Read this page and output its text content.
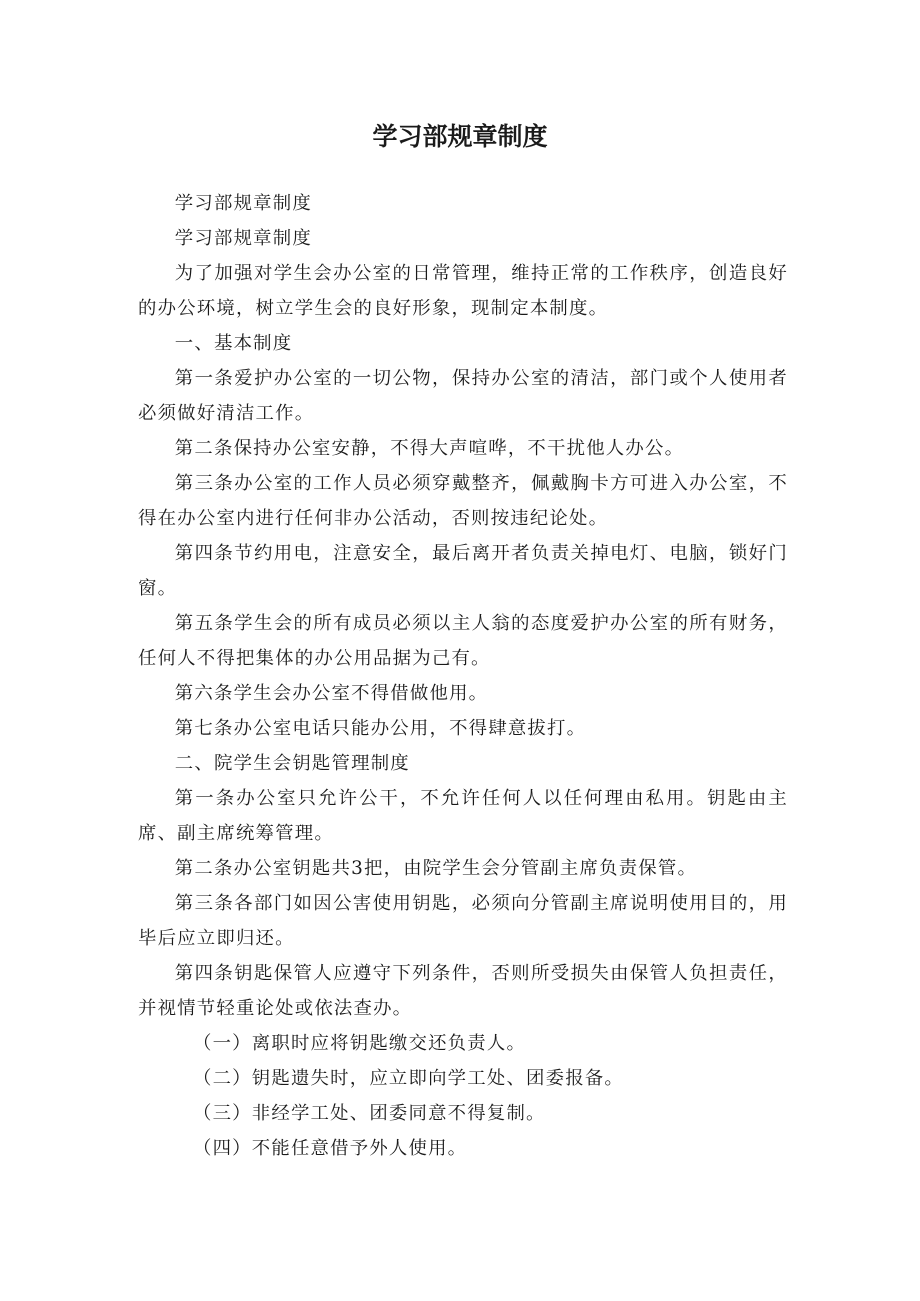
学习部规章制度

学习部规章制度

学习部规章制度

为了加强对学生会办公室的日常管理，维持正常的工作秩序，创造良好的办公环境，树立学生会的良好形象，现制定本制度。

一、基本制度

第一条爱护办公室的一切公物，保持办公室的清洁，部门或个人使用者必须做好清洁工作。

第二条保持办公室安静，不得大声喧哗，不干扰他人办公。

第三条办公室的工作人员必须穿戴整齐，佩戴胸卡方可进入办公室，不得在办公室内进行任何非办公活动，否则按违纪论处。

第四条节约用电，注意安全，最后离开者负责关掉电灯、电脑，锁好门窗。

第五条学生会的所有成员必须以主人翁的态度爱护办公室的所有财务，任何人不得把集体的办公用品据为己有。

第六条学生会办公室不得借做他用。

第七条办公室电话只能办公用，不得肆意拔打。

二、院学生会钥匙管理制度

第一条办公室只允许公干，不允许任何人以任何理由私用。钥匙由主席、副主席统筹管理。

第二条办公室钥匙共3把，由院学生会分管副主席负责保管。

第三条各部门如因公害使用钥匙，必须向分管副主席说明使用目的，用毕后应立即归还。

第四条钥匙保管人应遵守下列条件，否则所受损失由保管人负担责任，并视情节轻重论处或依法查办。

（一）离职时应将钥匙缴交还负责人。

（二）钥匙遗失时，应立即向学工处、团委报备。

（三）非经学工处、团委同意不得复制。

（四）不能任意借予外人使用。
